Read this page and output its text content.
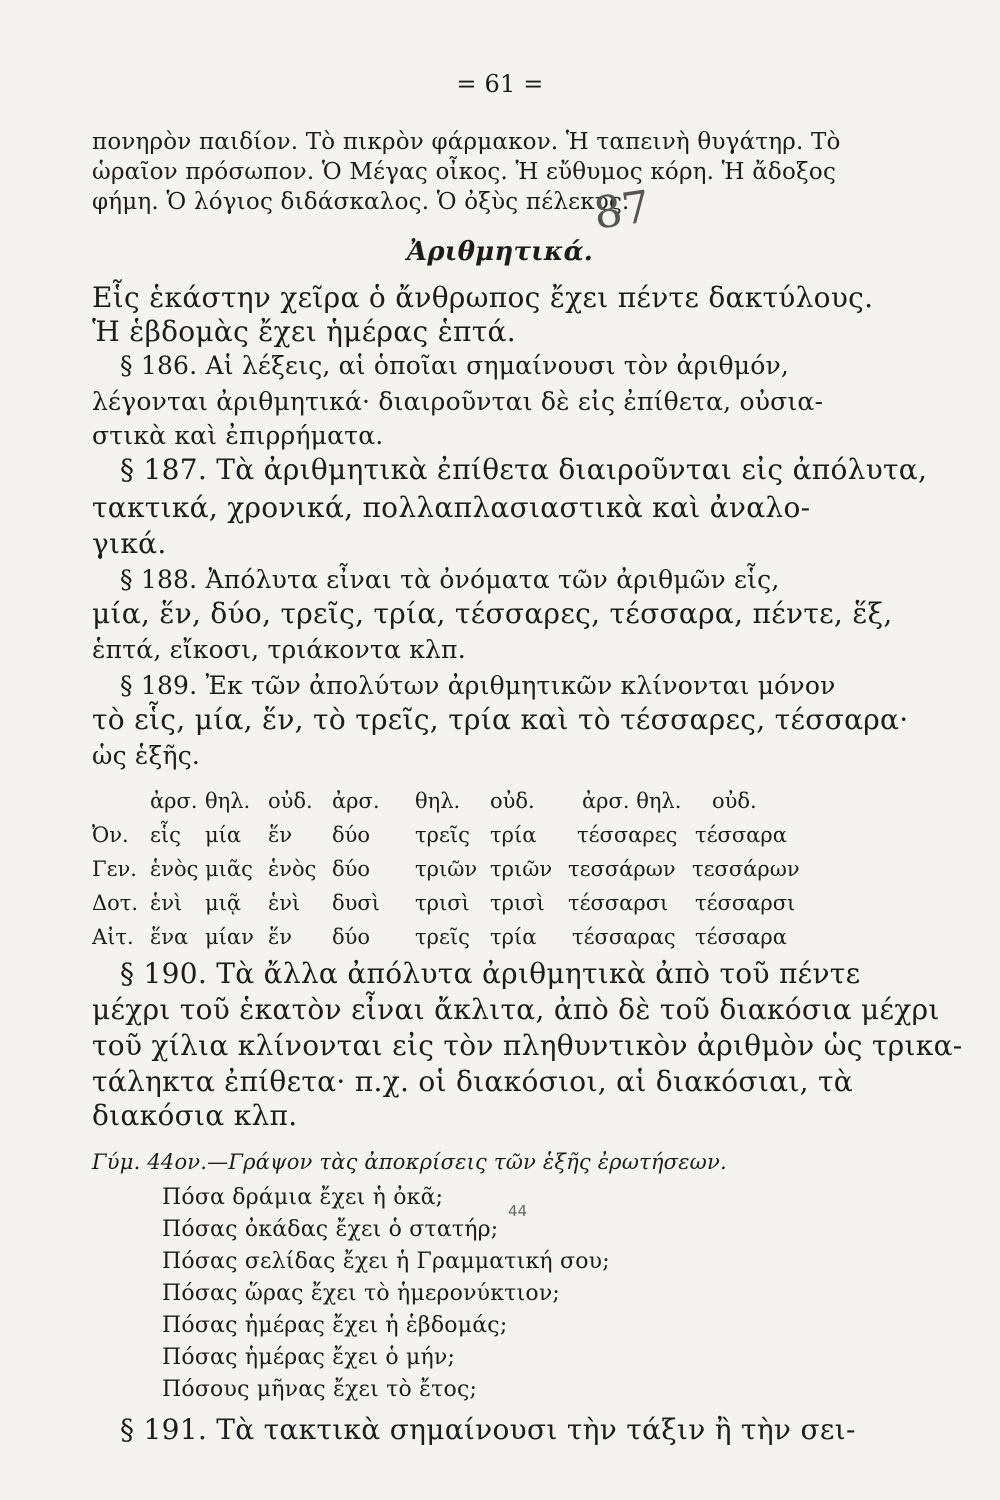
= 61 =
πονηρὸν παιδίον. Τὸ πικρὸν φάρμακον. Ἡ ταπεινὴ θυγάτηρ. Τὸ
ὡραῖον πρόσωπον. Ὁ Μέγας οἶκος. Ἡ εὔθυμος κόρη. Ἡ ἄδοξος
φήμη. Ὁ λόγιος διδάσκαλος. Ὁ ὀξὺς πέλεκυς.
87
Ἀριθμητικά.
Εἷς ἑκάστην χεῖρα ὁ ἄνθρωπος ἔχει πέντε δακτύλους.
Ἡ ἑβδομὰς ἔχει ἡμέρας ἑπτά.
§ 186. Αἱ λέξεις, αἱ ὁποῖαι σημαίνουσι τὸν ἀριθμόν,
λέγονται ἀριθμητικά· διαιροῦνται δὲ εἰς ἐπίθετα, οὐσια-
στικὰ καὶ ἐπιρρήματα.
§ 187. Τὰ ἀριθμητικὰ ἐπίθετα διαιροῦνται εἰς ἀπόλυτα,
τακτικά, χρονικά, πολλαπλασιαστικὰ καὶ ἀναλο-
γικά.
§ 188. Ἀπόλυτα εἶναι τὰ ὀνόματα τῶν ἀριθμῶν εἷς,
μία, ἕν, δύο, τρεῖς, τρία, τέσσαρες, τέσσαρα, πέντε, ἕξ,
ἑπτά, εἴκοσι, τριάκοντα κλπ.
§ 189. Ἐκ τῶν ἀπολύτων ἀριθμητικῶν κλίνονται μόνον
τὸ εἷς, μία, ἕν, τὸ τρεῖς, τρία καὶ τὸ τέσσαρες, τέσσαρα·
ὡς ἑξῆς.
ἀρσ. θηλ. οὐδ. ἀρσ. θηλ. οὐδ. ἀρσ. θηλ. οὐδ.
Ὀν. εἷς μία ἕν δύο τρεῖς τρία τέσσαρες τέσσαρα
Γεν. ἑνὸς μιᾶς ἑνὸς δύο τριῶν τριῶν τεσσάρων τεσσάρων
Δοτ. ἑνὶ μιᾷ ἑνὶ δυσὶ τρισὶ τρισὶ τέσσαρσι τέσσαρσι
Αἰτ. ἕνα μίαν ἕν δύο τρεῖς τρία τέσσαρας τέσσαρα
§ 190. Τὰ ἄλλα ἀπόλυτα ἀριθμητικὰ ἀπὸ τοῦ πέντε
μέχρι τοῦ ἑκατὸν εἶναι ἄκλιτα, ἀπὸ δὲ τοῦ διακόσια μέχρι
τοῦ χίλια κλίνονται εἰς τὸν πληθυντικὸν ἀριθμὸν ὡς τρικα-
τάληκτα ἐπίθετα· π.χ. οἱ διακόσιοι, αἱ διακόσιαι, τὰ
διακόσια κλπ.
Γύμ. 44ον.—Γράψον τὰς ἀποκρίσεις τῶν ἑξῆς ἐρωτήσεων.
Πόσα δράμια ἔχει ἡ ὀκᾶ;
Πόσας ὀκάδας ἔχει ὁ στατήρ;
44
Πόσας σελίδας ἔχει ἡ Γραμματική σου;
Πόσας ὥρας ἔχει τὸ ἡμερονύκτιον;
Πόσας ἡμέρας ἔχει ἡ ἑβδομάς;
Πόσας ἡμέρας ἔχει ὁ μήν;
Πόσους μῆνας ἔχει τὸ ἔτος;
§ 191. Τὰ τακτικὰ σημαίνουσι τὴν τάξιν ἢ τὴν σει-
